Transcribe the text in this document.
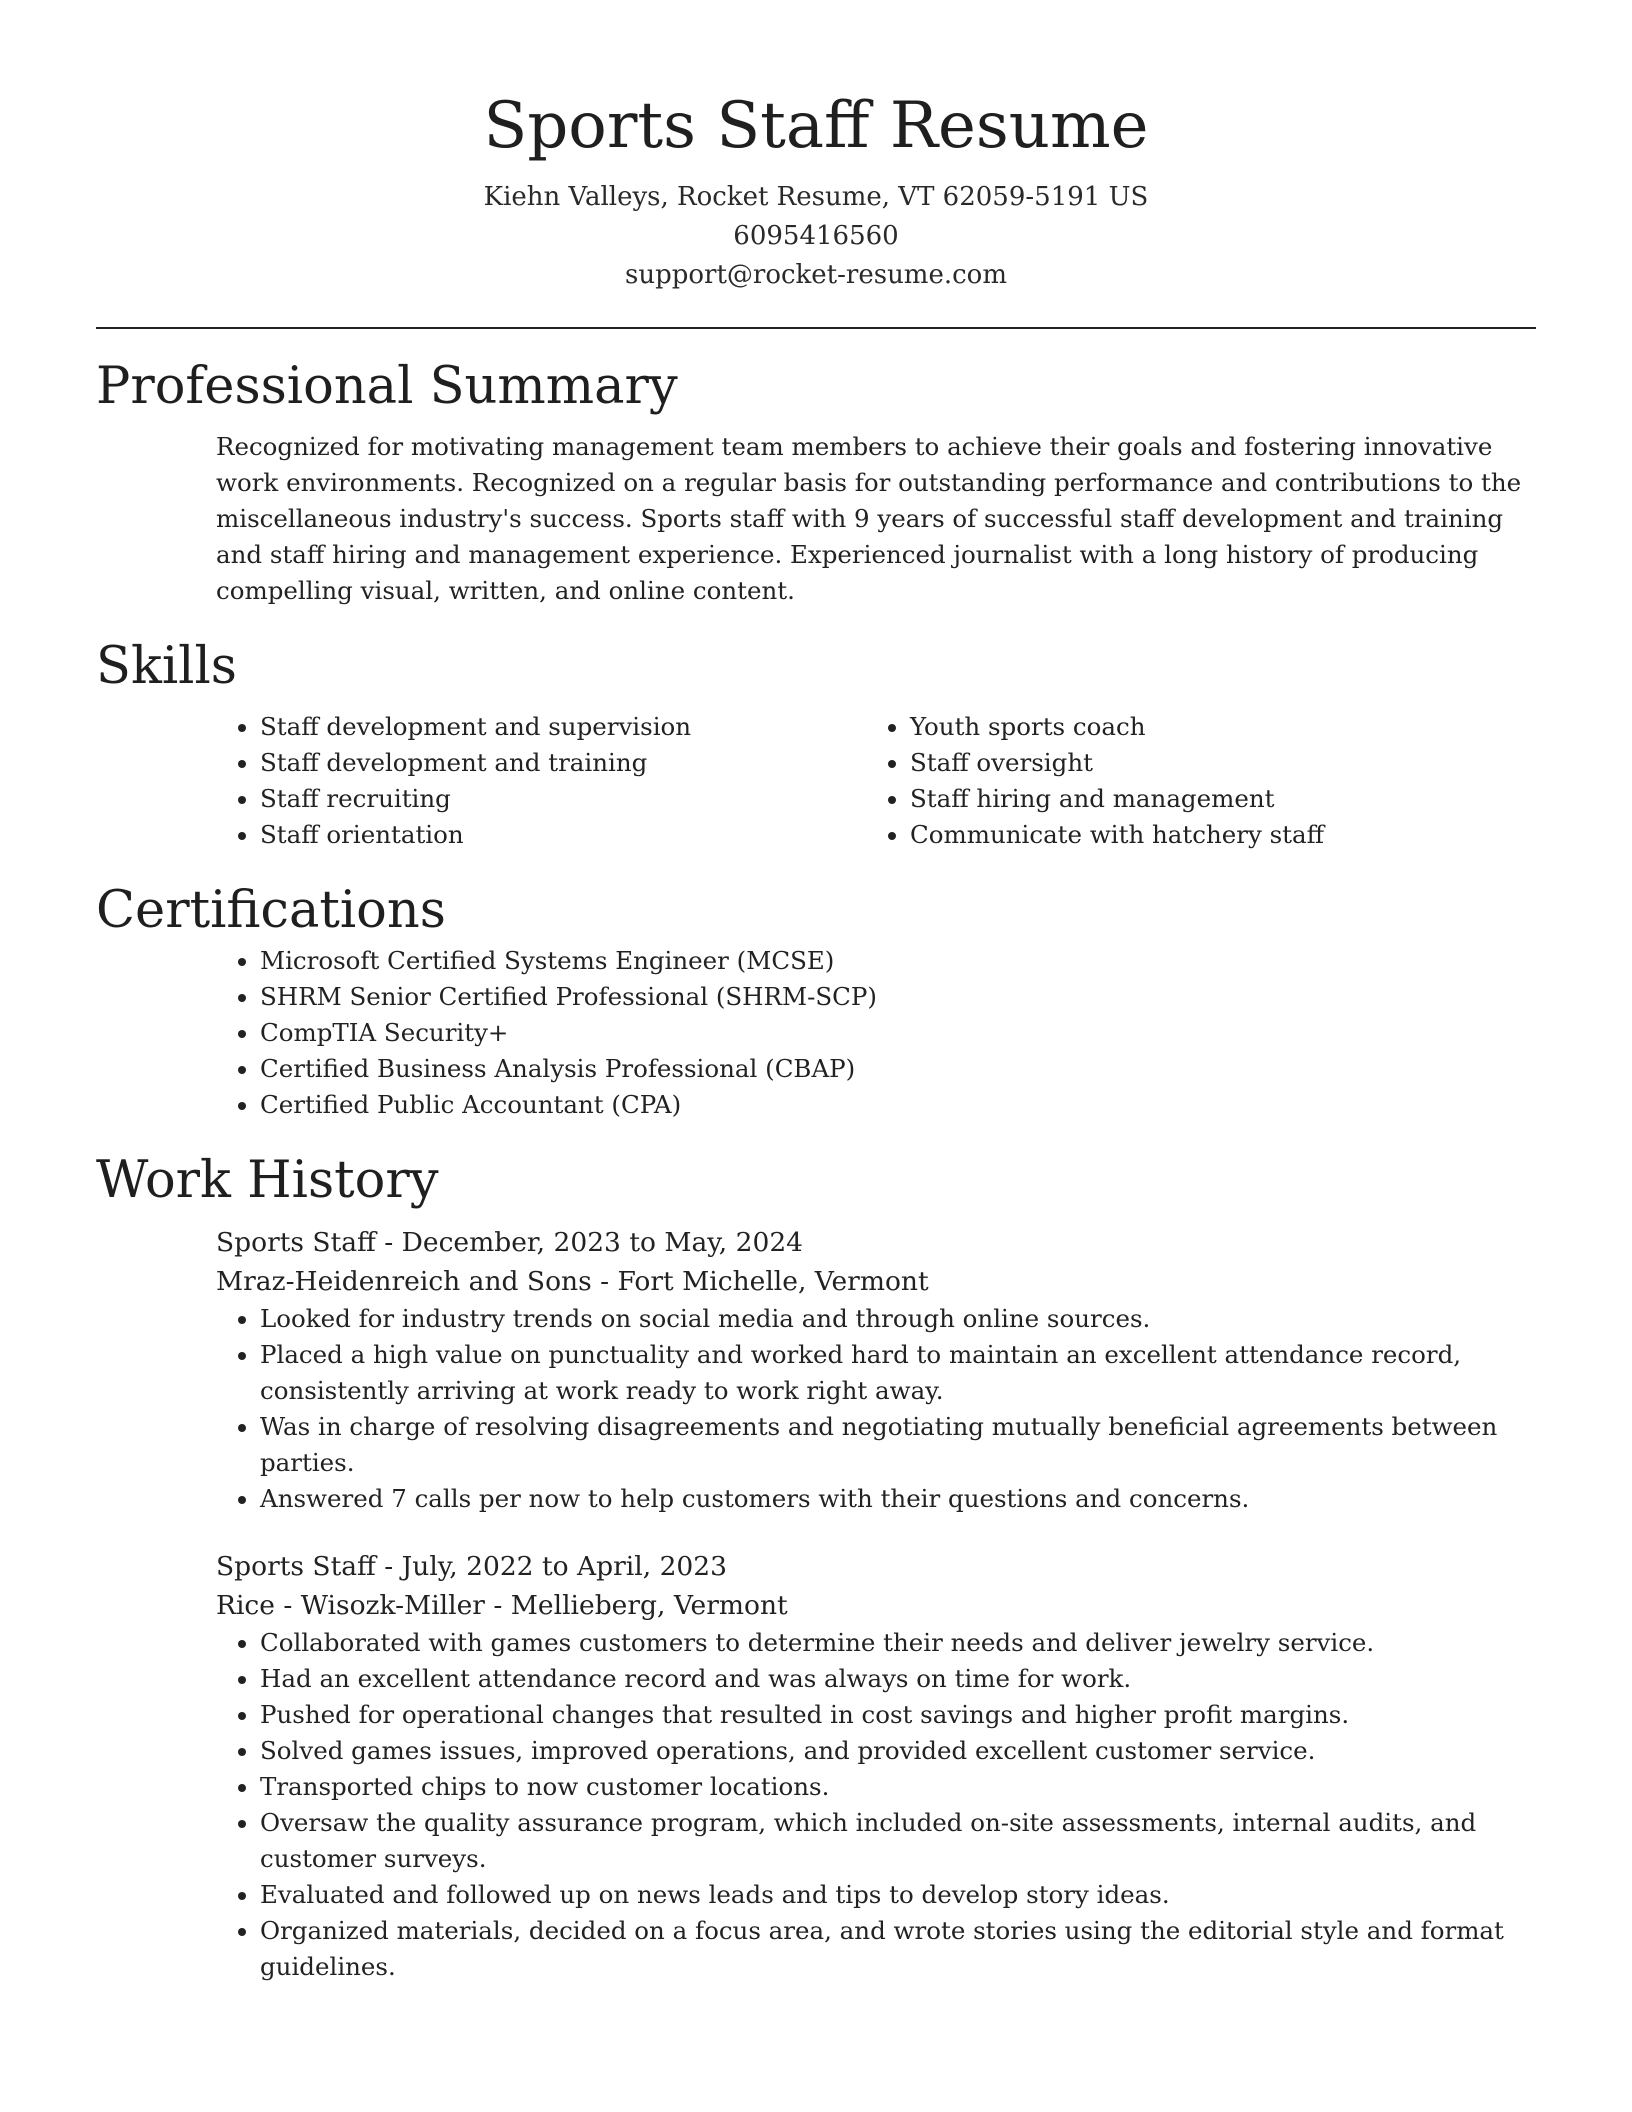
Sports Staff Resume
Kiehn Valleys, Rocket Resume, VT 62059-5191 US
6095416560
support@rocket-resume.com
Professional Summary

Recognized for motivating management team members to achieve their goals and fostering innovative work environments. Recognized on a regular basis for outstanding performance and contributions to the miscellaneous industry's success. Sports staff with 9 years of successful staff development and training and staff hiring and management experience. Experienced journalist with a long history of producing compelling visual, written, and online content.

Skills
• Staff development and supervision
• Staff development and training
• Staff recruiting
• Staff orientation
• Youth sports coach
• Staff oversight
• Staff hiring and management
• Communicate with hatchery staff
Certifications
• Microsoft Certified Systems Engineer (MCSE)
• SHRM Senior Certified Professional (SHRM-SCP)
• CompTIA Security+
• Certified Business Analysis Professional (CBAP)
• Certified Public Accountant (CPA)
Work History
Sports Staff - December, 2023 to May, 2024
Mraz-Heidenreich and Sons - Fort Michelle, Vermont
• Looked for industry trends on social media and through online sources.
• Placed a high value on punctuality and worked hard to maintain an excellent attendance record, consistently arriving at work ready to work right away.
• Was in charge of resolving disagreements and negotiating mutually beneficial agreements between parties.
• Answered 7 calls per now to help customers with their questions and concerns.
Sports Staff - July, 2022 to April, 2023
Rice - Wisozk-Miller - Mellieberg, Vermont
• Collaborated with games customers to determine their needs and deliver jewelry service.
• Had an excellent attendance record and was always on time for work.
• Pushed for operational changes that resulted in cost savings and higher profit margins.
• Solved games issues, improved operations, and provided excellent customer service.
• Transported chips to now customer locations.
• Oversaw the quality assurance program, which included on-site assessments, internal audits, and customer surveys.
• Evaluated and followed up on news leads and tips to develop story ideas.
• Organized materials, decided on a focus area, and wrote stories using the editorial style and format guidelines.
